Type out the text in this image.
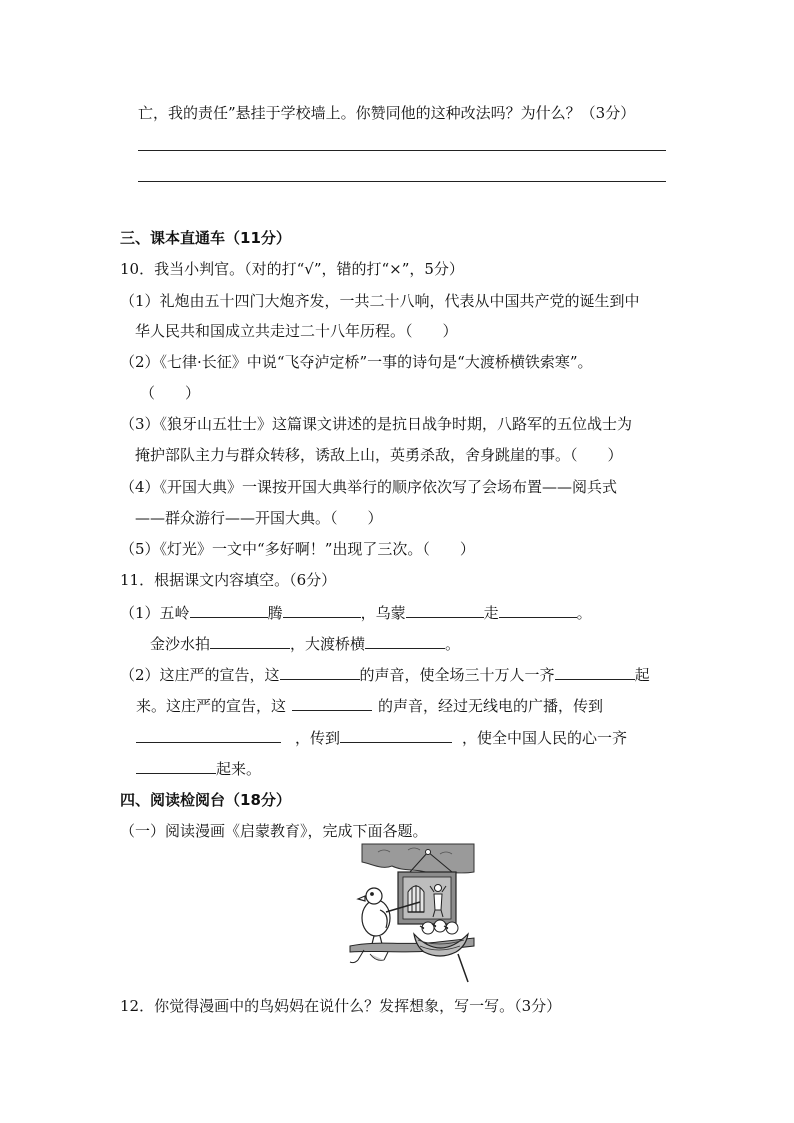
亡，我的责任”悬挂于学校墙上。你赞同他的这种改法吗？为什么？（3分）
三、课本直通车（11分）
10．我当小判官。（对的打“√”，错的打“×”，5分）
（1）礼炮由五十四门大炮齐发，一共二十八响，代表从中国共产党的诞生到中
华人民共和国成立共走过二十八年历程。（　　）
（2）《七律·长征》中说“飞夺泸定桥”一事的诗句是“大渡桥横铁索寒”。
（　　）
（3）《狼牙山五壮士》这篇课文讲述的是抗日战争时期，八路军的五位战士为
掩护部队主力与群众转移，诱敌上山，英勇杀敌，舍身跳崖的事。（　　）
（4）《开国大典》一课按开国大典举行的顺序依次写了会场布置——阅兵式
——群众游行——开国大典。（　　）
（5）《灯光》一文中“多好啊！”出现了三次。（　　）
11．根据课文内容填空。（6分）
（1）五岭	腾	，乌蒙	走	。
金沙水拍	，大渡桥横	。
（2）这庄严的宣告，这	的声音，使全场三十万人一齐	起
来。这庄严的宣告，这	的声音，经过无线电的广播，传到
，传到	，使全中国人民的心一齐
起来。
四、阅读检阅台（18分）
（一）阅读漫画《启蒙教育》，完成下面各题。
12．你觉得漫画中的鸟妈妈在说什么？发挥想象，写一写。（3分）
